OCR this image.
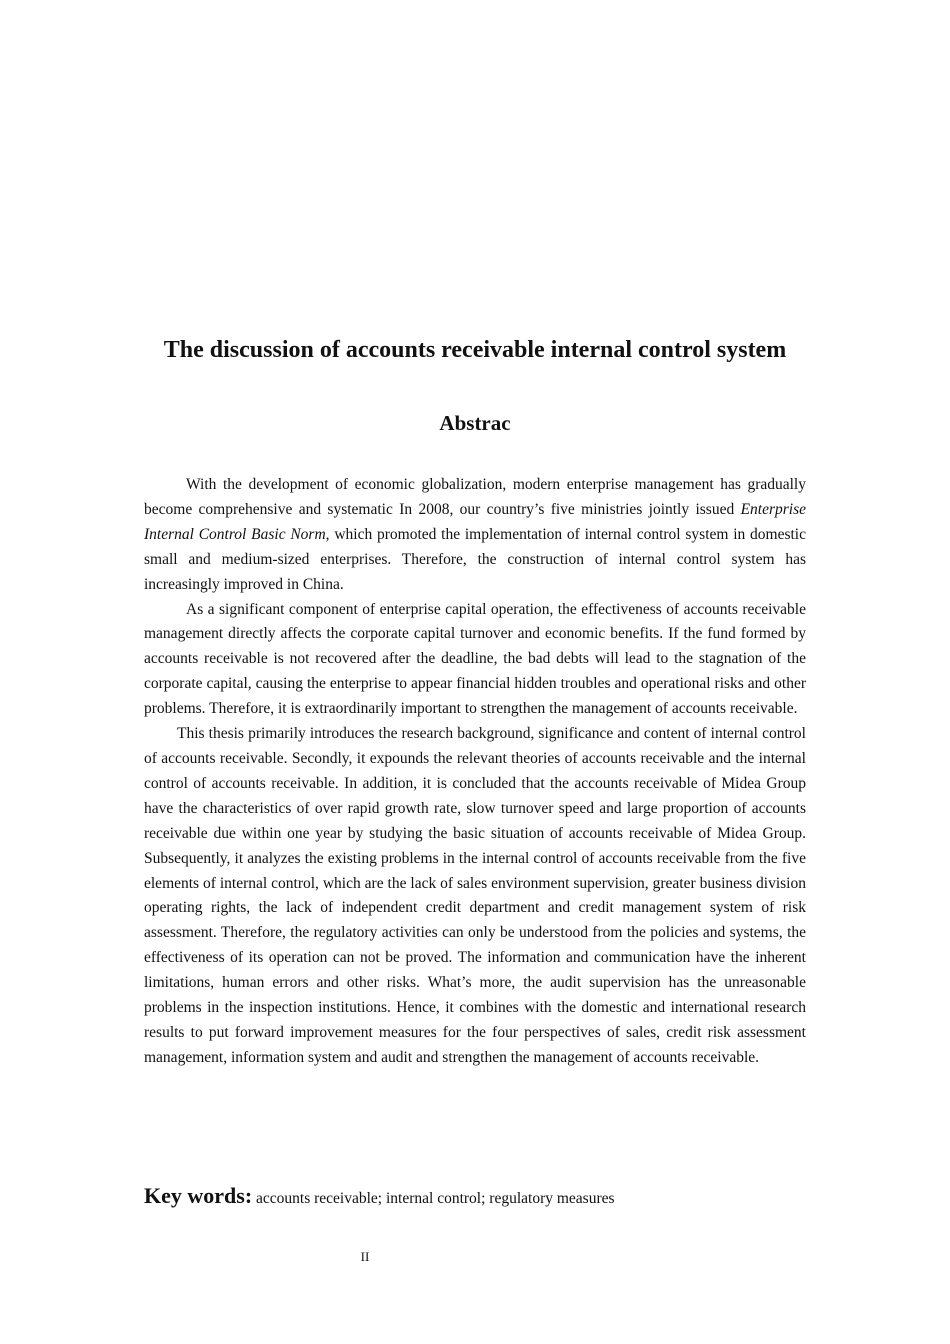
The discussion of accounts receivable internal control system
Abstrac

With the development of economic globalization, modern enterprise management has gradually become comprehensive and systematic In 2008, our country’s five ministries jointly issued Enterprise Internal Control Basic Norm, which promoted the implementation of internal control system in domestic small and medium-sized enterprises. Therefore, the construction of internal control system has increasingly improved in China.

As a significant component of enterprise capital operation, the effectiveness of accounts receivable management directly affects the corporate capital turnover and economic benefits. If the fund formed by accounts receivable is not recovered after the deadline, the bad debts will lead to the stagnation of the corporate capital, causing the enterprise to appear financial hidden troubles and operational risks and other problems. Therefore, it is extraordinarily important to strengthen the management of accounts receivable.

This thesis primarily introduces the research background, significance and content of internal control of accounts receivable. Secondly, it expounds the relevant theories of accounts receivable and the internal control of accounts receivable. In addition, it is concluded that the accounts receivable of Midea Group have the characteristics of over rapid growth rate, slow turnover speed and large proportion of accounts receivable due within one year by studying the basic situation of accounts receivable of Midea Group. Subsequently, it analyzes the existing problems in the internal control of accounts receivable from the five elements of internal control, which are the lack of sales environment supervision, greater business division operating rights, the lack of independent credit department and credit management system of risk assessment. Therefore, the regulatory activities can only be understood from the policies and systems, the effectiveness of its operation can not be proved. The information and communication have the inherent limitations, human errors and other risks. What’s more, the audit supervision has the unreasonable problems in the inspection institutions. Hence, it combines with the domestic and international research results to put forward improvement measures for the four perspectives of sales, credit risk assessment management, information system and audit and strengthen the management of accounts receivable.

Key words: accounts receivable; internal control; regulatory measures

II
